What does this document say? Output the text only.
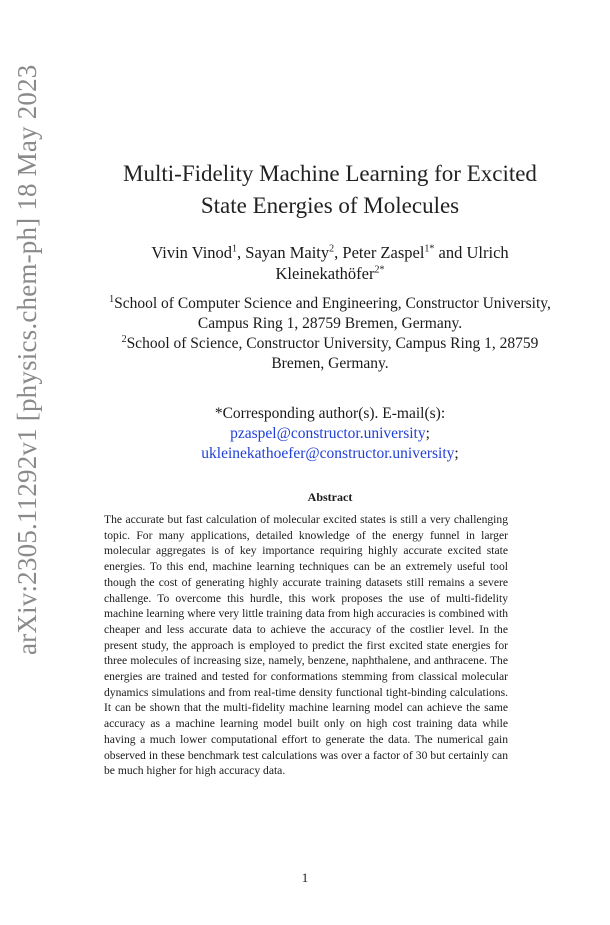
arXiv:2305.11292v1 [physics.chem-ph] 18 May 2023	Multi-Fidelity Machine Learning for Excited
State Energies of Molecules
Vivin Vinod$^1$, Sayan Maity$^2$, Peter Zaspel$^{1*}$ and Ulrich
Kleinekathöfer$^{2*}$
$^1$School of Computer Science and Engineering, Constructor University, Campus Ring 1, 28759 Bremen, Germany.
$^2$School of Science, Constructor University, Campus Ring 1, 28759 Bremen, Germany.
*Corresponding author(s). E-mail(s):
pzaspel@constructor.university;
ukleinekathoefer@constructor.university;
Abstract
The accurate but fast calculation of molecular excited states is still a very challenging topic. For many applications, detailed knowledge of the energy funnel in larger molecular aggregates is of key importance requiring highly accurate excited state energies. To this end, machine learning techniques can be an extremely useful tool though the cost of generating highly accurate training datasets still remains a severe challenge. To overcome this hurdle, this work proposes the use of multi-fidelity machine learning where very little training data from high accuracies is combined with cheaper and less accurate data to achieve the accuracy of the costlier level. In the present study, the approach is employed to predict the first excited state energies for three molecules of increasing size, namely, benzene, naphthalene, and anthracene. The energies are trained and tested for conformations stemming from classical molecular dynamics simulations and from real-time density functional tight-binding calculations. It can be shown that the multi-fidelity machine learning model can achieve the same accuracy as a machine learning model built only on high cost training data while having a much lower computational effort to generate the data. The numerical gain observed in these benchmark test calculations was over a factor of 30 but certainly can be much higher for high accuracy data.
1
